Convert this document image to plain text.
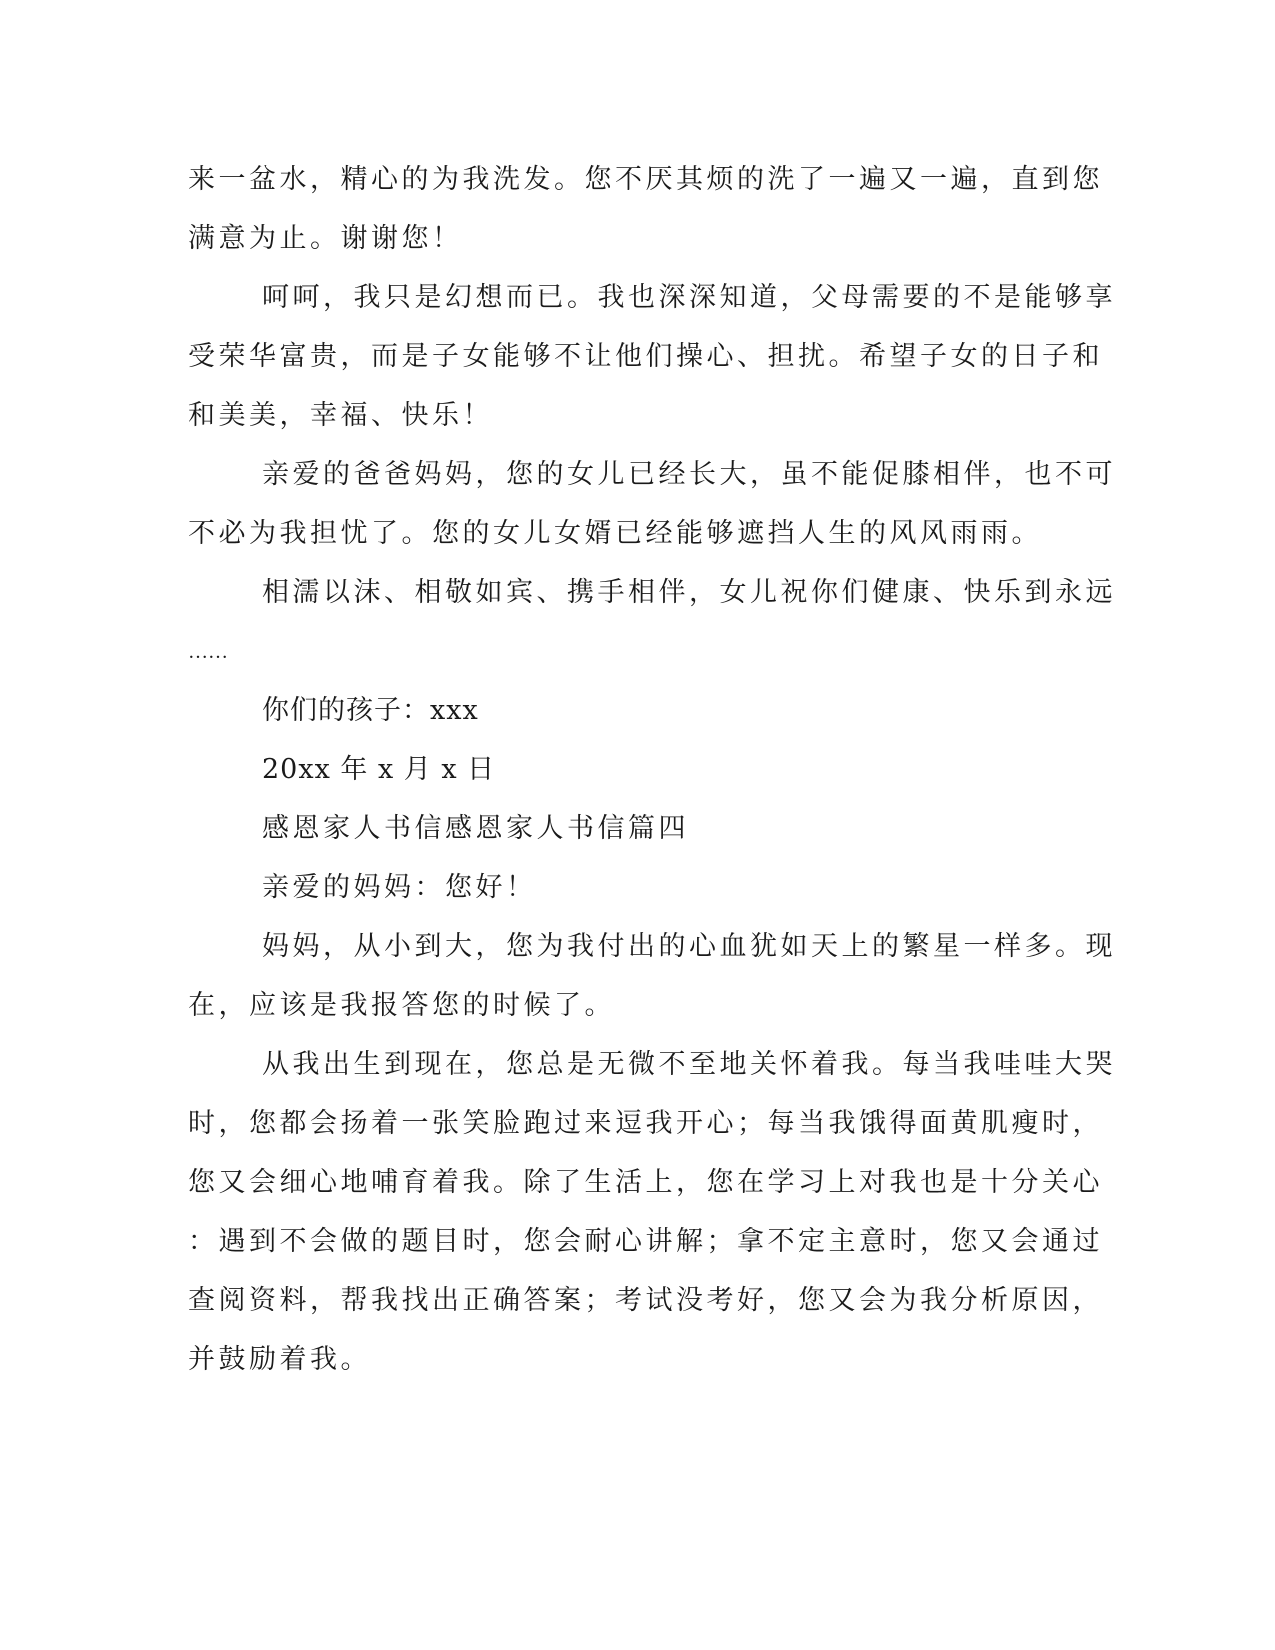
来一盆水，精心的为我洗发。您不厌其烦的洗了一遍又一遍，直到您
满意为止。谢谢您！
呵呵，我只是幻想而已。我也深深知道，父母需要的不是能够享
受荣华富贵，而是子女能够不让他们操心、担扰。希望子女的日子和
和美美，幸福、快乐！
亲爱的爸爸妈妈，您的女儿已经长大，虽不能促膝相伴，也不可
不必为我担忧了。您的女儿女婿已经能够遮挡人生的风风雨雨。
相濡以沫、相敬如宾、携手相伴，女儿祝你们健康、快乐到永远
……
你们的孩子：xxx
20xx 年 x 月 x 日
感恩家人书信感恩家人书信篇四
亲爱的妈妈：您好！
妈妈，从小到大，您为我付出的心血犹如天上的繁星一样多。现
在，应该是我报答您的时候了。
从我出生到现在，您总是无微不至地关怀着我。每当我哇哇大哭
时，您都会扬着一张笑脸跑过来逗我开心；每当我饿得面黄肌瘦时，
您又会细心地哺育着我。除了生活上，您在学习上对我也是十分关心
：遇到不会做的题目时，您会耐心讲解；拿不定主意时，您又会通过
查阅资料，帮我找出正确答案；考试没考好，您又会为我分析原因，
并鼓励着我。
